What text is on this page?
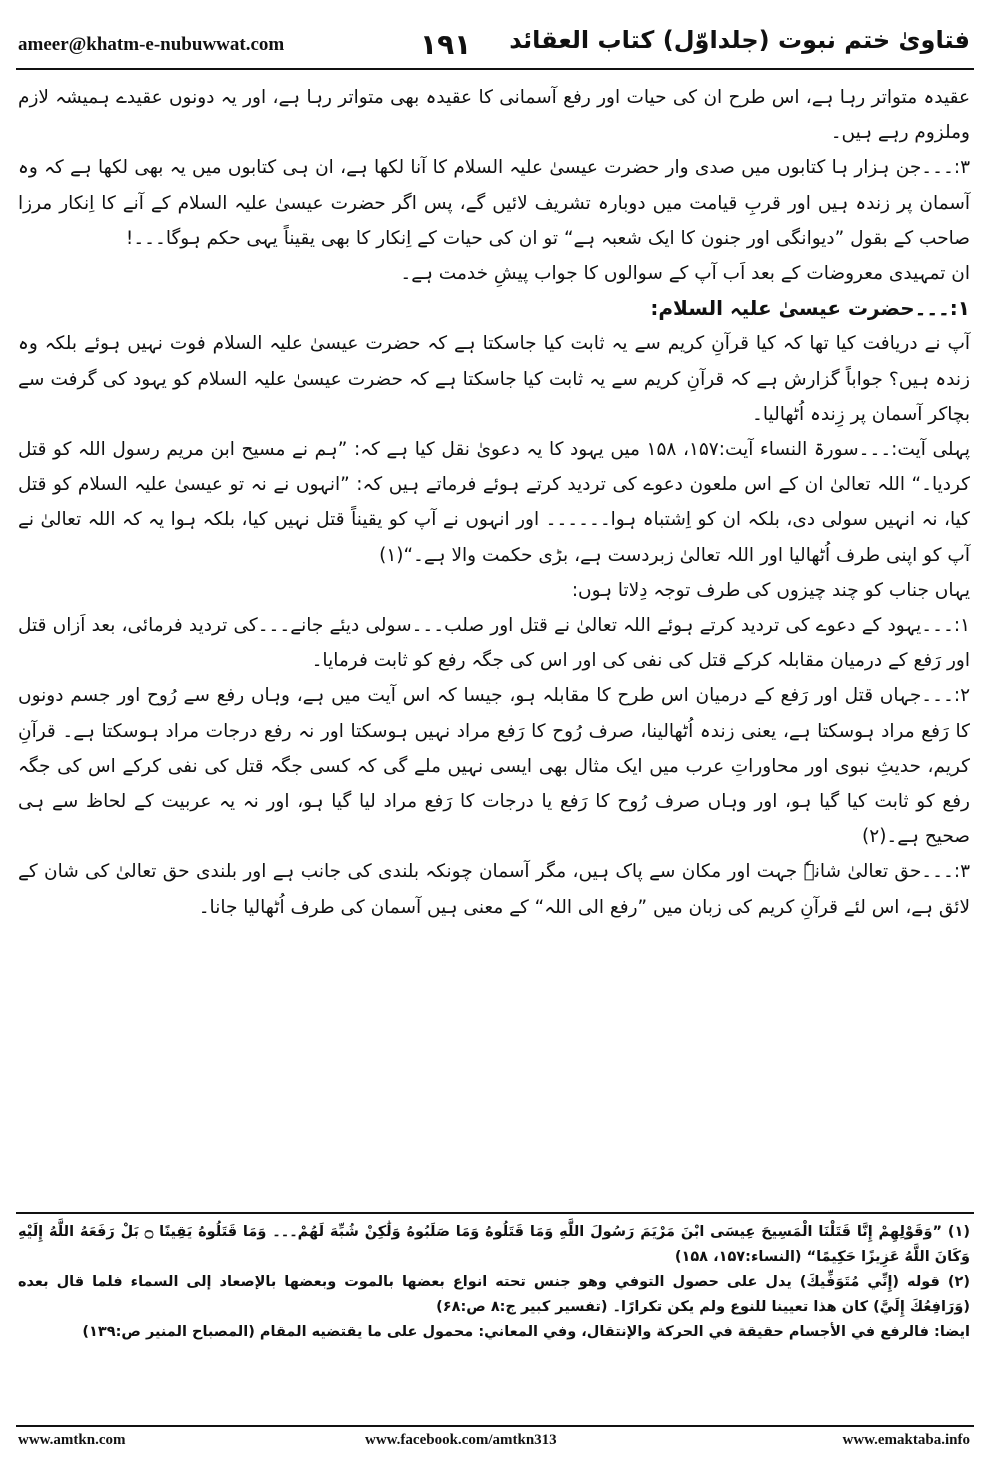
ameer@khatm-e-nubuwwat.com	۱۹۱ فتاویٰ ختم نبوت (جلداوّل) کتاب العقائد

عقیدہ متواتر رہا ہے، اس طرح ان کی حیات اور رفع آسمانی کا عقیدہ بھی متواتر رہا ہے، اور یہ دونوں عقیدے ہمیشہ لازم وملزوم رہے ہیں۔

۳:۔۔۔جن ہزار ہا کتابوں میں صدی وار حضرت عیسیٰ علیہ السلام کا آنا لکھا ہے، ان ہی کتابوں میں یہ بھی لکھا ہے کہ وہ آسمان پر زندہ ہیں اور قربِ قیامت میں دوبارہ تشریف لائیں گے، پس اگر حضرت عیسیٰ علیہ السلام کے آنے کا اِنکار مرزا صاحب کے بقول ”دیوانگی اور جنون کا ایک شعبہ ہے“ تو ان کی حیات کے اِنکار کا بھی یقیناً یہی حکم ہوگا۔۔۔!

ان تمہیدی معروضات کے بعد اَب آپ کے سوالوں کا جواب پیشِ خدمت ہے۔

۱:۔۔۔حضرت عیسیٰ علیہ السلام:

آپ نے دریافت کیا تھا کہ کیا قرآنِ کریم سے یہ ثابت کیا جاسکتا ہے کہ حضرت عیسیٰ علیہ السلام فوت نہیں ہوئے بلکہ وہ زندہ ہیں؟ جواباً گزارش ہے کہ قرآنِ کریم سے یہ ثابت کیا جاسکتا ہے کہ حضرت عیسیٰ علیہ السلام کو یہود کی گرفت سے بچاکر آسمان پر زِندہ اُٹھالیا۔

پہلی آیت:۔۔۔سورۃ النساء آیت:۱۵۷، ۱۵۸ میں یہود کا یہ دعویٰ نقل کیا ہے کہ: ”ہم نے مسیح ابن مریم رسول اللہ کو قتل کردیا۔“ اللہ تعالیٰ ان کے اس ملعون دعوے کی تردید کرتے ہوئے فرماتے ہیں کہ: ”انہوں نے نہ تو عیسیٰ علیہ السلام کو قتل کیا، نہ انہیں سولی دی، بلکہ ان کو اِشتباہ ہوا۔۔۔۔۔۔ اور انہوں نے آپ کو یقیناً قتل نہیں کیا، بلکہ ہوا یہ کہ اللہ تعالیٰ نے آپ کو اپنی طرف اُٹھالیا اور اللہ تعالیٰ زبردست ہے، بڑی حکمت والا ہے۔“(۱)

یہاں جناب کو چند چیزوں کی طرف توجہ دِلاتا ہوں:

۱:۔۔۔یہود کے دعوے کی تردید کرتے ہوئے اللہ تعالیٰ نے قتل اور صلب۔۔۔سولی دیئے جانے۔۔۔کی تردید فرمائی، بعد اَزاں قتل اور رَفع کے درمیان مقابلہ کرکے قتل کی نفی کی اور اس کی جگہ رفع کو ثابت فرمایا۔

۲:۔۔۔جہاں قتل اور رَفع کے درمیان اس طرح کا مقابلہ ہو، جیسا کہ اس آیت میں ہے، وہاں رفع سے رُوح اور جسم دونوں کا رَفع مراد ہوسکتا ہے، یعنی زندہ اُٹھالینا، صرف رُوح کا رَفع مراد نہیں ہوسکتا اور نہ رفع درجات مراد ہوسکتا ہے۔ قرآنِ کریم، حدیثِ نبوی اور محاوراتِ عرب میں ایک مثال بھی ایسی نہیں ملے گی کہ کسی جگہ قتل کی نفی کرکے اس کی جگہ رفع کو ثابت کیا گیا ہو، اور وہاں صرف رُوح کا رَفع یا درجات کا رَفع مراد لیا گیا ہو، اور نہ یہ عربیت کے لحاظ سے ہی صحیح ہے۔(۲)

۳:۔۔۔حق تعالیٰ شانہٗ جہت اور مکان سے پاک ہیں، مگر آسمان چونکہ بلندی کی جانب ہے اور بلندی حق تعالیٰ کی شان کے لائق ہے، اس لئے قرآنِ کریم کی زبان میں ”رفع الی اللہ“ کے معنی ہیں آسمان کی طرف اُٹھالیا جانا۔

(۱) ”وَقَوْلِهِمْ إِنَّا قَتَلْنَا الْمَسِيحَ عِيسَى ابْنَ مَرْيَمَ رَسُولَ اللَّهِ وَمَا قَتَلُوهُ وَمَا صَلَبُوهُ وَلَٰكِنْ شُبِّهَ لَهُمْ۔۔۔ وَمَا قَتَلُوهُ يَقِينًا ۝ بَلْ رَفَعَهُ اللَّهُ إِلَيْهِ وَكَانَ اللَّهُ عَزِيزًا حَكِيمًا“ (النساء:۱۵۷، ۱۵۸)

(۲) قوله (إِنِّي مُتَوَفِّيكَ) يدل على حصول التوفي وهو جنس تحته انواع بعضها بالموت وبعضها بالإصعاد إلى السماء فلما قال بعده (وَرَافِعُكَ إِلَيَّ) كان هذا تعيينا للنوع ولم يكن تكرارًا۔ (تفسير كبير ج:۸ ص:۶۸)

ايضا: فالرفع في الأجسام حقيقة في الحركة والإنتقال، وفي المعاني: محمول على ما يقتضيه المقام (المصباح المنير ص:۱۳۹)

www.amtkn.com	www.facebook.com/amtkn313	www.emaktaba.info
